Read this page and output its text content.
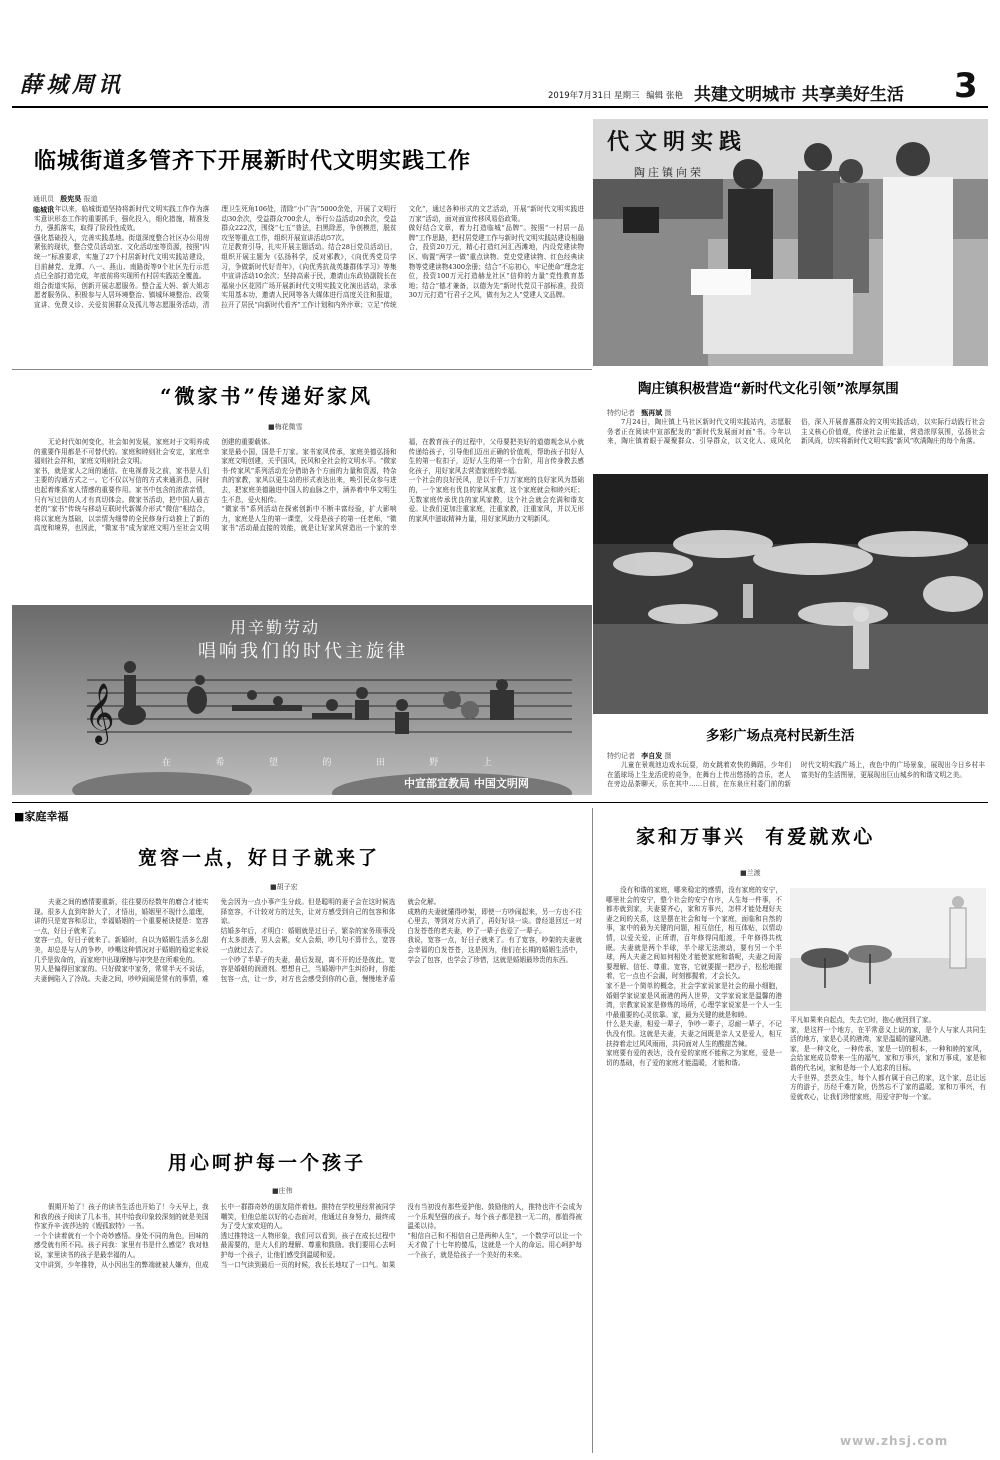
薛城周讯	2019年7月31日 星期三 编辑 张艳 共建文明城市 共享美好生活 3
临城街道多管齐下开展新时代文明实践工作
通讯员 殷宪昊 报道
临城讯
今年以来，临城街道坚持将新时代文明实践工作作为落实意识形态工作的重要抓手，强化投入，细化措施，精准发力，强抓落实，取得了阶段性成效。
强化基础投入，完善实践基地。街道深度整合社区办公用房紧张的现状，整合党员活动室、文化活动室等资源，按照“四统一”标准要求，实施了27个村居新时代文明实践站建设，目前赫党、龙潭、八一、燕山、南路街等9个社区先行示范点已全部打造完成，年底前将实现所有村居实践站全覆盖。
组合街道实际，创新开展志愿服务。整合孟大妈、新大姐志愿者服务队、积极参与人居环境整治、镇城环境整治、政策宣讲、免费义诊、关爱贫困群众及孤儿等志愿服务活动，清理卫生死角106处，清除“小广告”5000余处，开展了文明行动30余次，受益群众700余人，举行公益活动20余次，受益群众222次，围绕“七五”普法，扫黑除恶，争创模范，脱贫攻坚等重点工作，组织开展宣讲活动57次。
立足教育引导，扎实开展主题活动。结合28日党员活动日，组织开展主题为《弘扬科学，反对邪教》，《向优秀党员学习，争做新时代好青年》，《向优秀抗战英雄群体学习》等集中宣讲活动10余次；坚持高素于民，邀请山东政协副院长在福泉小区花园广场开展新时代文明实践文化演出活动，录承实用基本功，邀请人民网等各大媒体进行高度关注和报道，拉开了居民“向新时代看齐”工作计划和内外序章；立足“传统文化”，通过各种形式的文艺活动，开展“新时代文明实践进万家”活动，面对面宣传移风易俗政策。
做好结合文章，着力打造临城“品牌”。按照“一村居一品牌”工作思路，把村居党建工作与新时代文明实践站建设相融合，投资20万元，精心打造红河汇西滩地，内设党建读物区、购置“两学一做”重点读物、党史党建读物、红色经典读物等党建读物4300余册；结合“不忘初心，牢记使命”理念定位，投资100万元打造赫龙社区“信仰的力量”党性教育基地；结合“德才兼备，以德为先”新时代党员干部标准，投资30万元打造“行君子之风，做有为之人”党建人文品牌。
代文明实践
陶庄镇向荣
陶庄镇积极营造“新时代文化引领”浓厚氛围
特约记者 甄再斌 摄
7月24日，陶庄镇上马社区新时代文明实践站内，志愿服务者正在阅读中宣部配发的“新时代发展面对面”书。今年以来，陶庄镇着眼于凝聚群众、引导群众，以文化人、成风化俗，深入开展普惠群众的文明实践活动，以实际行动践行社会主义核心价值观，传递社会正能量，营造浓厚氛围，弘扬社会新风尚，切实将新时代文明实践“新风”吹满陶庄的每个角落。
“微家书”传递好家风
■梅花微雪
无论时代如何变化，社会如何发展，家庭对于文明养成的重要作用都是不可替代的。家庭和睦则社会安定，家庭幸福则社会祥和，家庭文明则社会文明。
家书，就是家人之间的通信。在电视普及之前，家书是人们主要的沟通方式之一。它不仅以写信的方式来通消息，同时也起着维系家人情感的重要作用。家书中包含的浓浓亲情，只有写过信的人才有真切体会。微家书活动，把中国人最古老的“家书”传统与移动互联时代新媒介形式“微信”相结合，将以家庭为基础，以亲情为细带的全民修身行动推上了新的高度和境界，也因此，“微家书”成为家庭文明乃至社会文明创建的重要载体。
家是最小国，国是千万家。家书家风传承，家庭美德弘扬和家庭文明创建，关乎国风，民风和全社会的文明水平。“微家书·传家风”系列活动充分借助各个方面的力量和资源，特杂真的家教，家风以更生动的形式表达出来，唤引民众参与进去，把家庭美德融进中国人的血脉之中，涵养着中华文明生生不息，爱火相传。
“微家书”系列活动在探索创新中不断丰富经验，扩大影响力，家庭是人生的第一课堂，父母是孩子的第一任老师，“微家书”活动最直接的效能，就是让好家风营造出一个家的幸福，在教育孩子的过程中，父母要把美好的道德观念从小就传递给孩子，引导他们迈出正确的价值观，帮助孩子扣好人生的第一粒扣子，迈好人生的第一个台阶，用言传身教去感化孩子，用好家风去营造家庭的幸福。
一个社会的良好民风，是以千千万万家庭的良好家风为基础的，一个家庭有优良的家风家教，这个家庭就会和睦兴旺；无数家庭传承优良的家风家教，这个社会就会充满和谐友爱。让我们更加注重家庭，注重家教，注重家风，并以无形的家风中滋取精神力量，用好家风助力文明新风。
𝄞
用辛勤劳动
唱响我们的时代主旋律
在	希	望	的	田	野	上
中宣部宣教局 中国文明网
多彩广场点亮村民新生活
特约记者 李自发 摄
儿童在景观池边戏水玩耍，幼女跳着欢快的舞蹈，少年们在篮球场上生龙活虎的竞争，在舞台上传出悠扬的音乐，老人在旁边品茶聊天，乐在其中……日前，在东泉庄村委门前的新时代文明实践广场上，夜色中的广场景象，展现出今日乡村丰富美好的生活图景，更展现出巨山城乡的和谐文明之美。
■家庭幸福
宽容一点，好日子就来了
■胡子宏
夫妻之间的感情要重新，往往要历经数年的磨合才能实现。很多人直到年龄大了，才悟出，婚姻里不现什么道理，讲的只是宽容和忍让，幸福婚姻的一个重要秘诀便是：宽容一点，好日子就来了。
宽容一点，好日子就来了。新婚时，自以为婚姻生活多么甜美，却总是与人的争吵，吵嘴这种情况对于婚姻的稳定来说几乎是致命的，而家庭中出现摩擦与冲突是在所难免的。
男人是偏得回家家的。只好做家中家务，常常半天不说话，夫妻俩陷入了冷战。夫妻之间，吵吵闹闹是常有的事情，难免会因为一点小事产生分歧。但是聪明的妻子会在这时候选择宽容，不计较对方的过失，让对方感受到自己的包容和体谅。
结婚多年后，才明白：婚姻就是过日子，繁杂的家务琐事没有太多浪漫，男人会累，女人会烦，吵几句不算什么，宽容一点就过去了。
一个吵了半辈子的夫妻，最后发现，离不开的还是彼此，宽容是婚姻的润滑剂。想想自己，当婚姻中产生纠纷时，你能包容一点，让一步，对方也会感受到你的心意，慢慢地矛盾就会化解。
成熟的夫妻就懂得吵架，即使一方吵闹起来，另一方也不往心里去，等到对方火消了，再好好谈一谈。曾经退回过一对白发苍苍的老夫妻，吵了一辈子也爱了一辈子。
我说，宽容一点，好日子就来了。有了宽容，吵架的夫妻就会幸福的白发苍苍，这是因为，他们在长期的婚姻生活中，学会了包容，也学会了珍惜，这就是婚姻最珍贵的东西。
用心呵护每一个孩子
■庄伟
假期开始了！孩子的读书生活也开始了！今天早上，我和我的孩子阅读了几本书，其中给我印象较深刻的就是美国作家乔辛·波莎达的《嫂孤寂特》一书。
一个个读着就有一个个奇妙感悟。身处不同的角色，回味的感受就有所不同。孩子问我：家里有书是什么感觉？我对他说，家里读书的孩子是最幸福的人。
文中讲到，少年推特，从小因出生的弊端就被人嫌弃，但成长中一群群奇妙的朋友陪伴着他。推特在学校里经常被同学嘲笑，但他总能以好的心态面对，他通过自身努力，最终成为了受大家欢迎的人。
透过推特这一人物形象，我们可以看到，孩子在成长过程中最需要的，是大人们的理解、尊重和鼓励。我们要用心去呵护每一个孩子，让他们感受到温暖和爱。
当一口气读到最后一页的时候，我长长地叹了一口气。如果没有当初没有那些爱护他、鼓励他的人，推特也许不会成为一个乐观坚强的孩子。每个孩子都是独一无二的，都值得被温柔以待。
“相信自己和不相信自己是两种人生”，一个数学可以让一个天才做了十七年的傻瓜，这就是一个人的命运。用心呵护每一个孩子，就是给孩子一个美好的未来。
家和万事兴  有爱就欢心
■兰渡
没有和谐的家庭，哪来稳定的感情，没有家庭的安宁，哪里社会的安宁，整个社会的安宁有序，人生每一件事，不都亦就到家，夫妻要齐心，家和方事兴，怎样才能处理好夫妻之间的关系，这是摆在社会和每一个家庭，面临和自然的事，家中的最为关键的问题，相互信任，相互体贴，以情动情，以爱关爱，正所谓，百年修得同船渡，千年修得共枕眠。夫妻就是两个半球，半个球无法滚动，要有另一个半球，两人夫妻之间如何相处才能使家庭和谐呢，夫妻之间需要理解、信任、尊重、宽容，它就要握一把沙子，松松地握着，它一点也不会漏，时刻都握着，才会长久。
家不是一个简单的概念，社会学家说家是社会的最小细胞，婚姻学家说家是风雨港的两人世界，文学家说家是温馨的港湾，宗教家说家是修炼的场所，心理学家说家是一个人一生中最重要的心灵依靠。家，最为关键的就是和睦。
什么是夫妻，相爱一辈子，争吵一辈子，忍耐一辈子，不记仇没有恨。这就是夫妻，夫妻之间既是亲人又是爱人，相互扶持着走过风风雨雨，共同面对人生的酸甜苦辣。
家庭要有爱的表达，没有爱的家庭不能称之为家庭，爱是一切的基础，有了爱的家庭才能温暖，才能和谐。
平凡如果来自起点，失去它时，抱心就回到了家。
家，是这样一个地方，在平常意义上说的家，是个人与家人共同生活的地方，家是心灵的港湾，家是温暖的避风港。
家，是一种文化，一种传承，家是一切的根本，一种和睦的家风，会给家庭成员带来一生的福气，家和万事兴，家和万事成，家是和谐的代名词，家和是每一个人追求的目标。
大千世界，芸芸众生，每个人都有属于自己的家，这个家，总让远方的游子，历经千难万险，仍然忘不了家的温暖，家和万事兴，有爱就欢心，让我们珍惜家庭，用爱守护每一个家。
www.zhsj.com
